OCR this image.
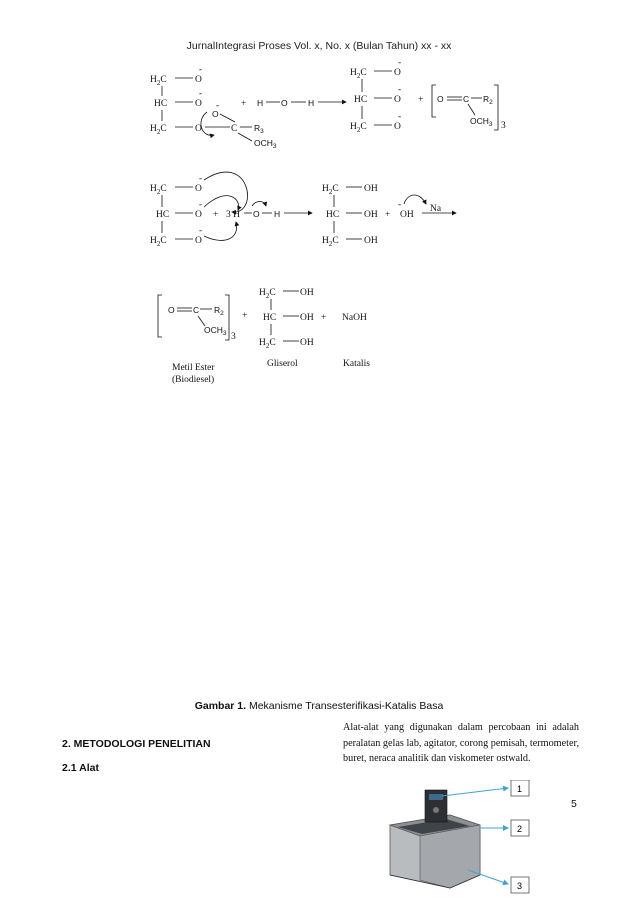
JurnalIntegrasi Proses Vol. x, No. x (Bulan Tahun) xx - xx
$H_2C$	O
-
HC	O
-
$H_2C$	O	C
O
-
$R_3$
$OCH_3$
+ H O H
$H_2C$	O
-
HC	O
-
$H_2C$	O
-
+ O C $R_2$
$OCH_3$ 3
$H_2C$	O
-
HC	O
-
$H_2C$	O
-
+ 3 H O H
$H_2C$	OH
HC	OH
$H_2C$	OH
+
-
OH
Na
O C $R_2$
$OCH_3$ 3
+
$H_2C$	OH
HC	OH
$H_2C$	OH
+ NaOH
Metil Ester
(Biodiesel)
Gliserol	Katalis
Gambar 1. Mekanisme Transesterifikasi-Katalis Basa
2. METODOLOGI PENELITIAN
2.1 Alat
Alat-alat yang digunakan dalam percobaan ini adalah peralatan gelas lab, agitator, corong pemisah, termometer, buret, neraca analitik dan viskometer ostwald.
5
1
2
3
